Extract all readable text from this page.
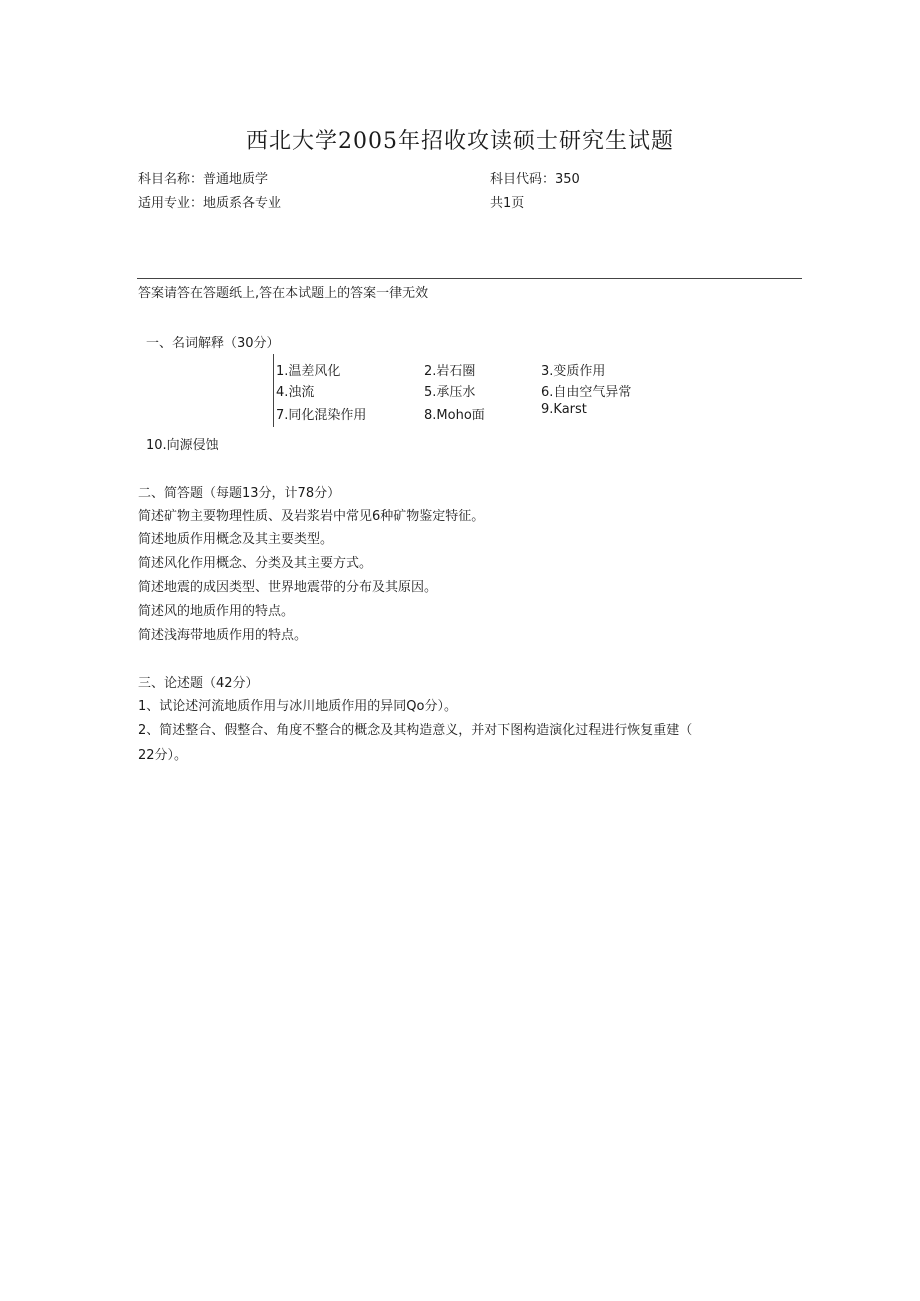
西北大学2005年招收攻读硕士研究生试题
科目名称：普通地质学	科目代码：350
适用专业：地质系各专业	共1页
答案请答在答题纸上,答在本试题上的答案一律无效
一、名词解释（30分）
1.温差风化	2.岩石圈	3.变质作用
4.浊流	5.承压水	6.自由空气异常
7.同化混染作用	8.Moho面	9.Karst
10.向源侵蚀
二、简答题（每题13分，计78分）
简述矿物主要物理性质、及岩浆岩中常见6种矿物鉴定特征。
简述地质作用概念及其主要类型。
简述风化作用概念、分类及其主要方式。
简述地震的成因类型、世界地震带的分布及其原因。
简述风的地质作用的特点。
简述浅海带地质作用的特点。
三、论述题（42分）
1、试论述河流地质作用与冰川地质作用的异同Qo分）。
2、简述整合、假整合、角度不整合的概念及其构造意义，并对下图构造演化过程进行恢复重建（
22分）。
